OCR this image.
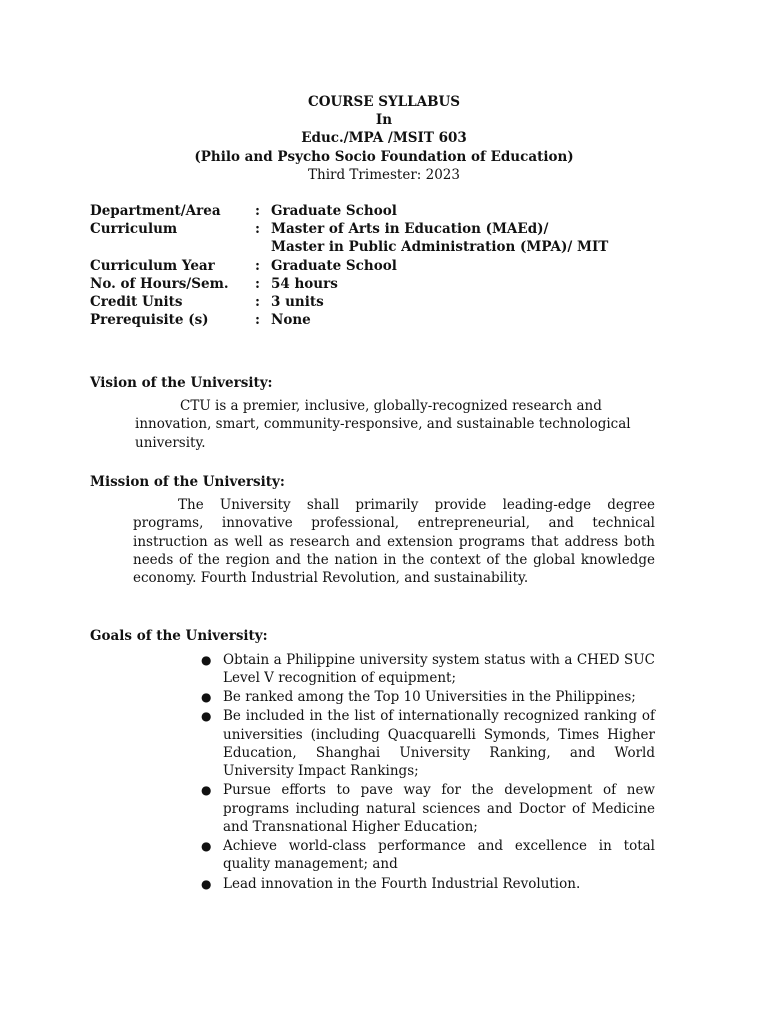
COURSE SYLLABUS
In
Educ./MPA /MSIT 603
(Philo and Psycho Socio Foundation of Education)
Third Trimester: 2023
Department/Area	: Graduate School
Curriculum	: Master of Arts in Education (MAEd)/
Master in Public Administration (MPA)/ MIT
Curriculum Year	: Graduate School
No. of Hours/Sem.	: 54 hours
Credit Units	: 3 units
Prerequisite (s)	: None
Vision of the University:
CTU is a premier, inclusive, globally-recognized research and innovation, smart, community-responsive, and sustainable technological university.
Mission of the University:
The University shall primarily provide leading-edge degree programs, innovative professional, entrepreneurial, and technical instruction as well as research and extension programs that address both needs of the region and the nation in the context of the global knowledge economy. Fourth Industrial Revolution, and sustainability.
Goals of the University:
● Obtain a Philippine university system status with a CHED SUC Level V recognition of equipment;
● Be ranked among the Top 10 Universities in the Philippines;
● Be included in the list of internationally recognized ranking of universities (including Quacquarelli Symonds, Times Higher Education, Shanghai University Ranking, and World University Impact Rankings;
● Pursue efforts to pave way for the development of new programs including natural sciences and Doctor of Medicine and Transnational Higher Education;
● Achieve world-class performance and excellence in total quality management; and
● Lead innovation in the Fourth Industrial Revolution.
